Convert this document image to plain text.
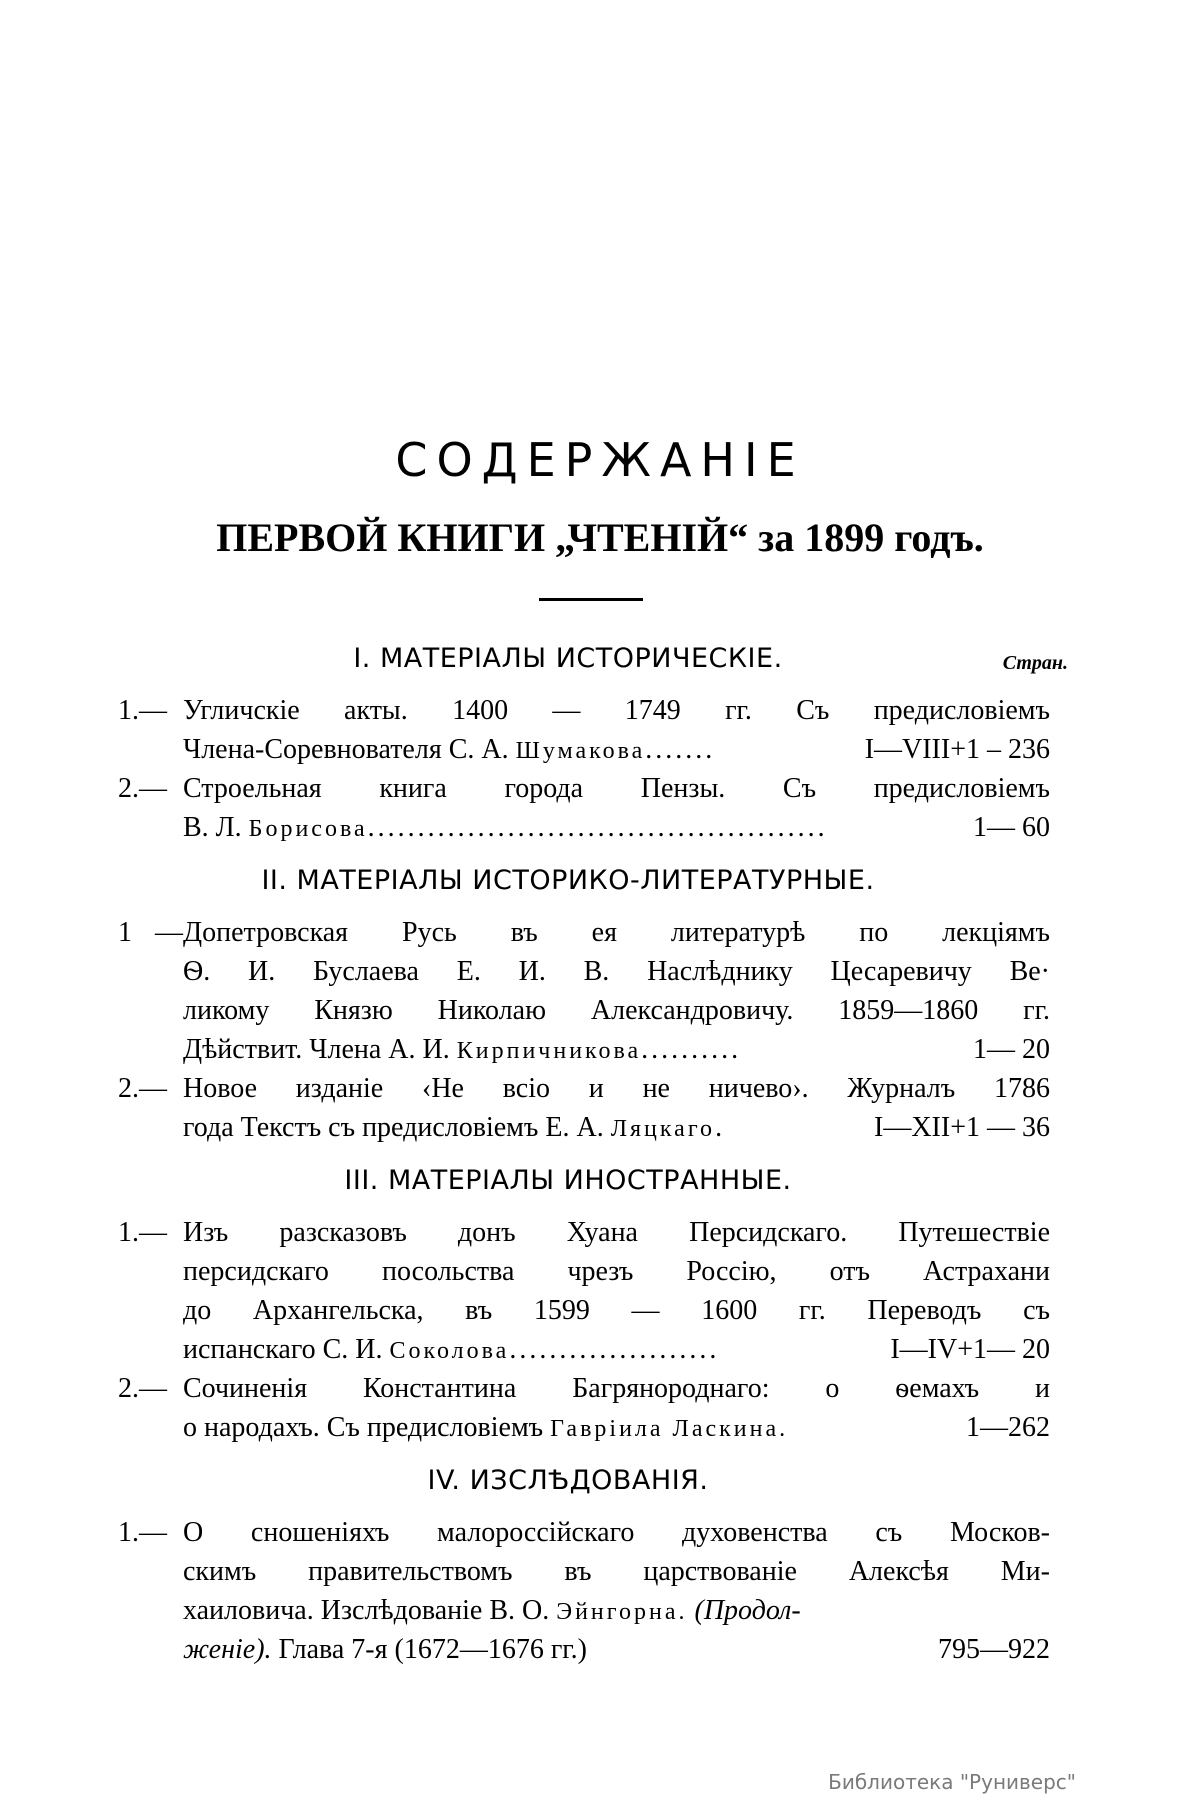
СОДЕРЖАНІЕ
ПЕРВОЙ КНИГИ „ЧТЕНІЙ“ за 1899 годъ.
I. МАТЕРІАЛЫ ИСТОРИЧЕСКІЕ.	Стран.
1.— Угличскіе акты. 1400 — 1749 гг. Съ предисловіемъ
Члена-Соревнователя С. А.
Шумакова .......	I—VIII+1 – 236
2.— Строельная книга города Пензы. Съ предисловіемъ
В. Л.
Борисова ..............................................	1— 60
II. МАТЕРІАЛЫ ИСТОРИКО-ЛИТЕРАТУРНЫЕ.
1 —Допетровская Русь въ ея литературѣ по лекціямъ
Ѳ. И. Буслаева Е. И. В. Наслѣднику Цесаревичу Ве·
ликому Князю Николаю Александровичу. 1859—1860 гг.
Дѣйствит. Члена А. И.
Кирпичникова ..........	1— 20
2.— Новое изданіе ‹Не всіо и не ничево›. Журналъ 1786
года Текстъ съ предисловіемъ Е. А.
Ляцкаго .	I—XII+1 — 36
III. МАТЕРІАЛЫ ИНОСТРАННЫЕ.
1.— Изъ разсказовъ донъ Хуана Персидскаго. Путешествіе
персидскаго посольства чрезъ Россію, отъ Астрахани
до Архангельска, въ 1599 — 1600 гг. Переводъ съ
испанскаго С. И.
Соколова .....................	I—IV+1— 20
2.— Сочиненія Константина Багрянороднаго: о ѳемахъ и
о народахъ. Съ предисловіемъ
Гавріила Ласкина.	1—262
IV. ИЗСЛѢДОВАНІЯ.
1.— О сношеніяхъ малороссійскаго духовенства съ Москов-
скимъ правительствомъ въ царствованіе Алексѣя Ми-
хаиловича. Изслѣдованіе В. О. Эйнгорна. (Продол-
женіе).
Глава 7-я (1672—1676 гг.)	795—922
Библиотека "Руниверс"
